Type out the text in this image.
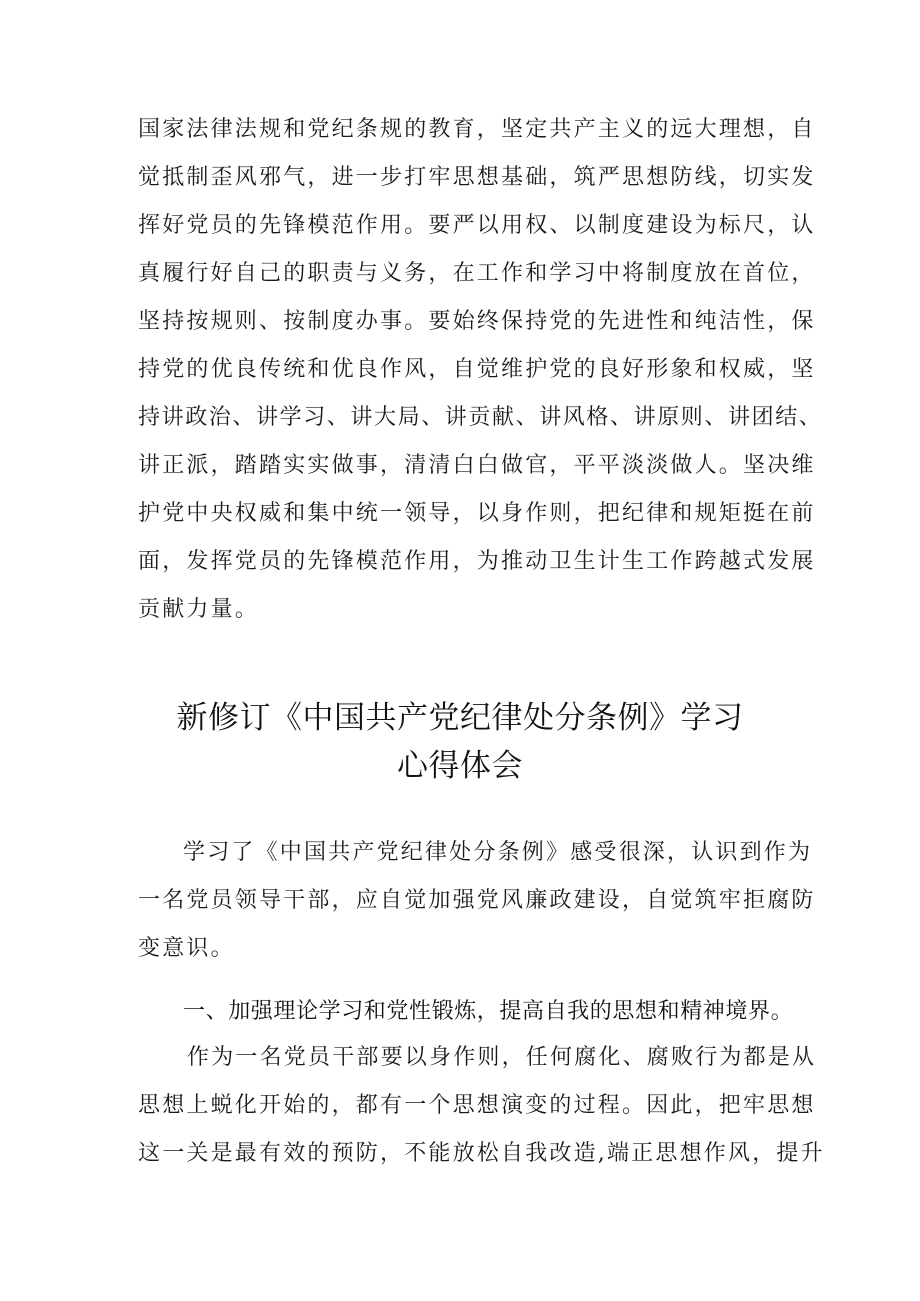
国家法律法规和党纪条规的教育，坚定共产主义的远大理想，自
觉抵制歪风邪气，进一步打牢思想基础，筑严思想防线，切实发
挥好党员的先锋模范作用。要严以用权、以制度建设为标尺，认
真履行好自己的职责与义务，在工作和学习中将制度放在首位，
坚持按规则、按制度办事。要始终保持党的先进性和纯洁性，保
持党的优良传统和优良作风，自觉维护党的良好形象和权威，坚
持讲政治、讲学习、讲大局、讲贡献、讲风格、讲原则、讲团结、
讲正派，踏踏实实做事，清清白白做官，平平淡淡做人。坚决维
护党中央权威和集中统一领导，以身作则，把纪律和规矩挺在前
面，发挥党员的先锋模范作用，为推动卫生计生工作跨越式发展
贡献力量。
新修订《中国共产党纪律处分条例》学习
心得体会
学习了《中国共产党纪律处分条例》感受很深，认识到作为
一名党员领导干部，应自觉加强党风廉政建设，自觉筑牢拒腐防
变意识。
一、加强理论学习和党性锻炼，提高自我的思想和精神境界。
作为一名党员干部要以身作则，任何腐化、腐败行为都是从
思想上蜕化开始的，都有一个思想演变的过程。因此，把牢思想
这一关是最有效的预防，不能放松自我改造,端正思想作风，提升
